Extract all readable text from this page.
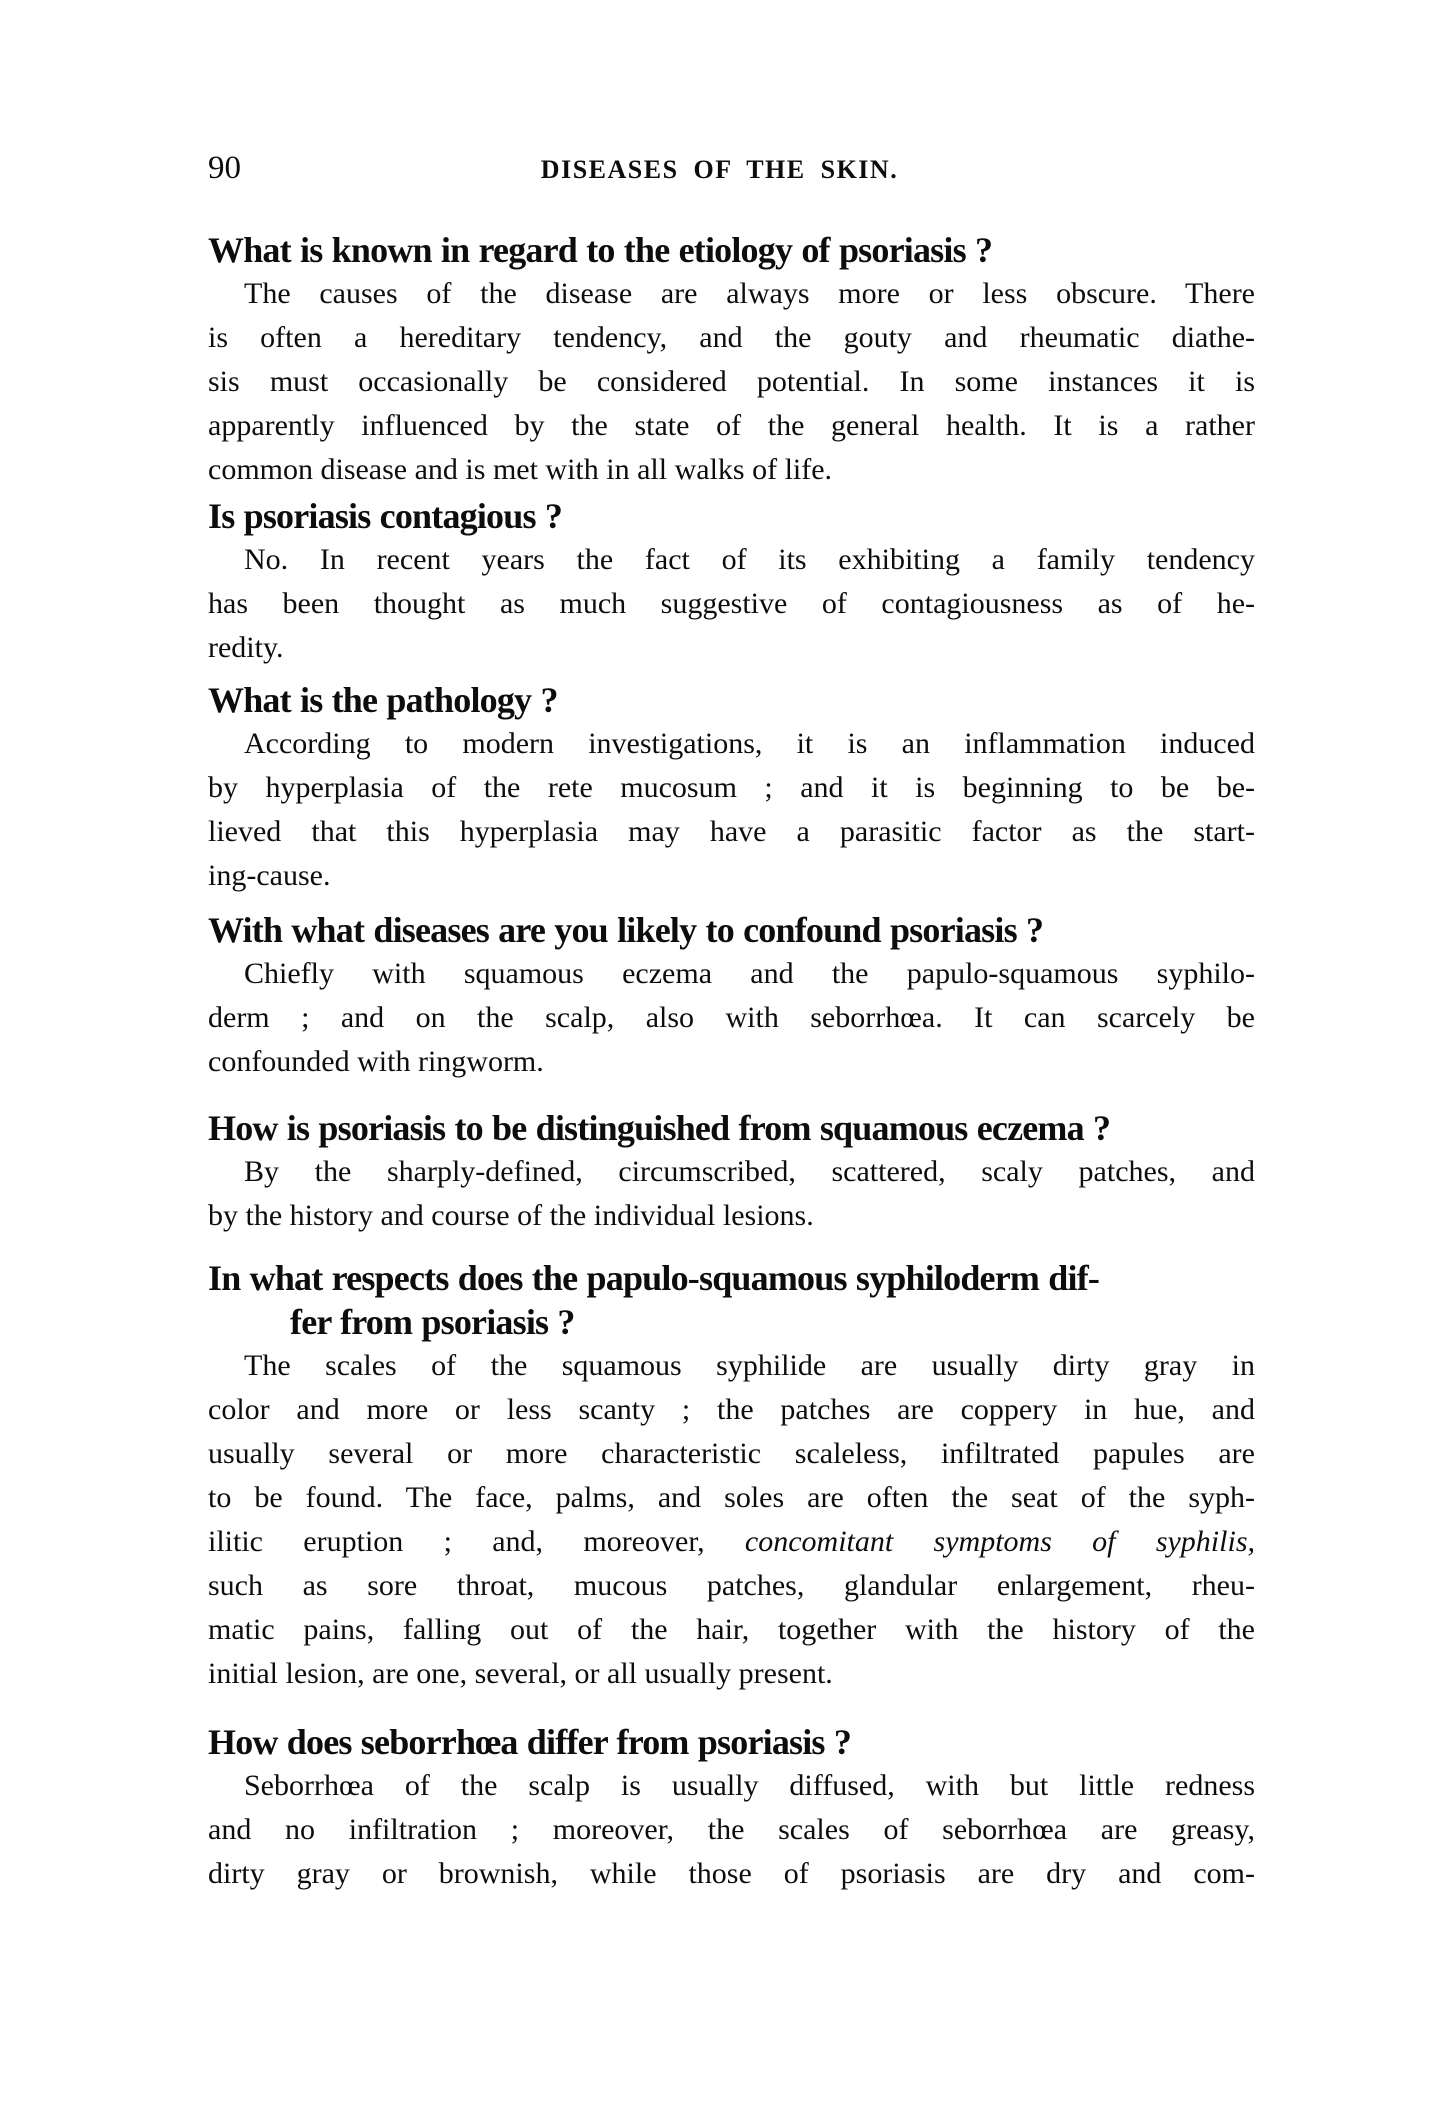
90	DISEASES OF THE SKIN.
What is known in regard to the etiology of psoriasis ?
The causes of the disease are always more or less obscure. There
is often a hereditary tendency, and the gouty and rheumatic diathe-
sis must occasionally be considered potential. In some instances it is
apparently influenced by the state of the general health. It is a rather
common disease and is met with in all walks of life.
Is psoriasis contagious ?
No. In recent years the fact of its exhibiting a family tendency
has been thought as much suggestive of contagiousness as of he-
redity.
What is the pathology ?
According to modern investigations, it is an inflammation induced
by hyperplasia of the rete mucosum ; and it is beginning to be be-
lieved that this hyperplasia may have a parasitic factor as the start-
ing-cause.
With what diseases are you likely to confound psoriasis ?
Chiefly with squamous eczema and the papulo-squamous syphilo-
derm ; and on the scalp, also with seborrhœa. It can scarcely be
confounded with ringworm.
How is psoriasis to be distinguished from squamous eczema ?
By the sharply-defined, circumscribed, scattered, scaly patches, and
by the history and course of the individual lesions.
In what respects does the papulo-squamous syphiloderm dif-
fer from psoriasis ?
The scales of the squamous syphilide are usually dirty gray in
color and more or less scanty ; the patches are coppery in hue, and
usually several or more characteristic scaleless, infiltrated papules are
to be found. The face, palms, and soles are often the seat of the syph-
ilitic eruption ; and, moreover, concomitant symptoms of syphilis,
such as sore throat, mucous patches, glandular enlargement, rheu-
matic pains, falling out of the hair, together with the history of the
initial lesion, are one, several, or all usually present.
How does seborrhœa differ from psoriasis ?
Seborrhœa of the scalp is usually diffused, with but little redness
and no infiltration ; moreover, the scales of seborrhœa are greasy,
dirty gray or brownish, while those of psoriasis are dry and com-
